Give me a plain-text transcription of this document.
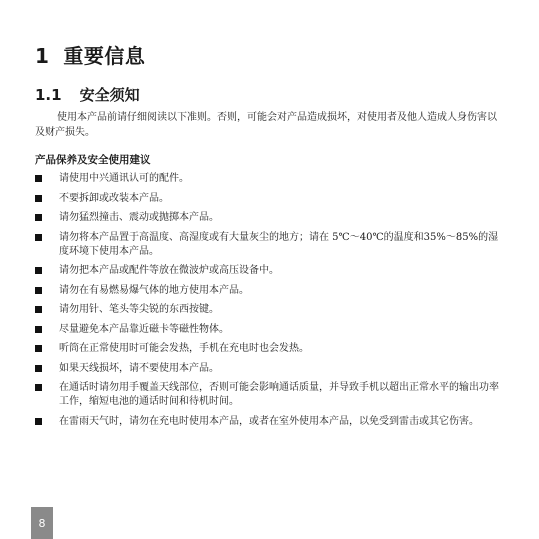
1 重要信息
1.1 安全须知

使用本产品前请仔细阅读以下准则。否则，可能会对产品造成损坏，对使用者及他人造成人身伤害以及财产损失。

产品保养及安全使用建议
请使用中兴通讯认可的配件。
不要拆卸或改装本产品。
请勿猛烈撞击、震动或抛掷本产品。
请勿将本产品置于高温度、高湿度或有大量灰尘的地方；请在 5℃～40℃的温度和35%～85%的湿度环境下使用本产品。
请勿把本产品或配件等放在微波炉或高压设备中。
请勿在有易燃易爆气体的地方使用本产品。
请勿用针、笔头等尖锐的东西按键。
尽量避免本产品靠近磁卡等磁性物体。
听筒在正常使用时可能会发热，手机在充电时也会发热。
如果天线损坏，请不要使用本产品。
在通话时请勿用手覆盖天线部位，否则可能会影响通话质量，并导致手机以超出正常水平的输出功率工作，缩短电池的通话时间和待机时间。
在雷雨天气时，请勿在充电时使用本产品，或者在室外使用本产品，以免受到雷击或其它伤害。
8
